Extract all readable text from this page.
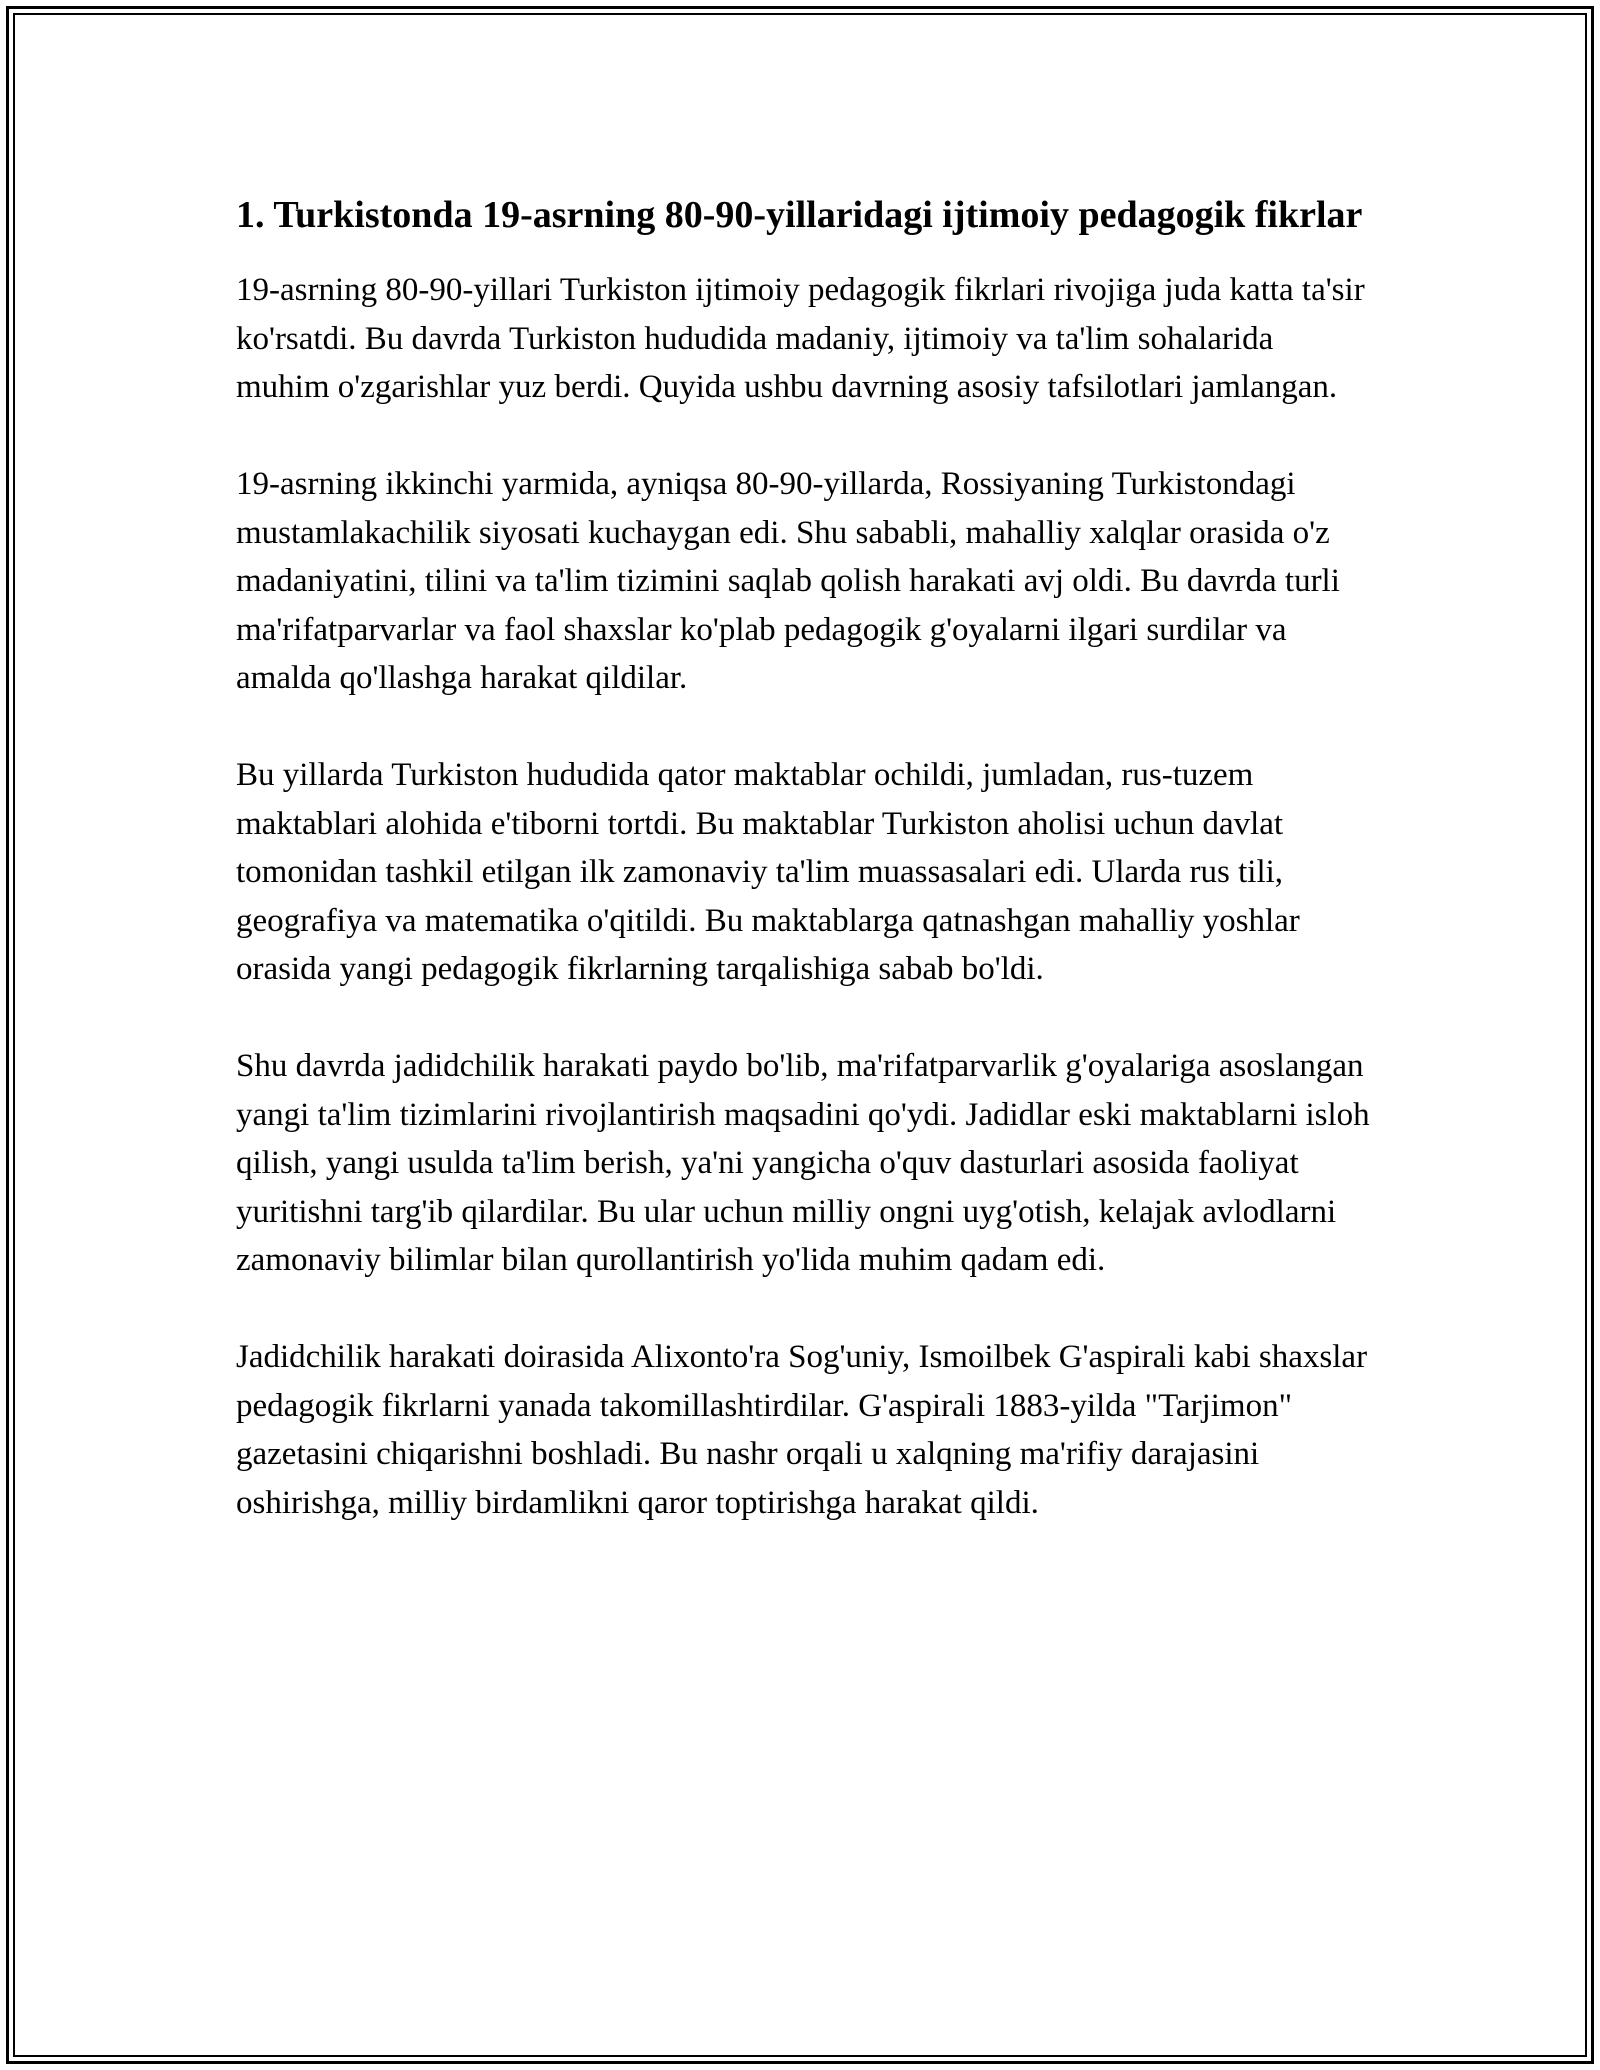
1. Turkistonda 19-asrning 80-90-yillaridagi ijtimoiy pedagogik fikrlar

19-asrning 80-90-yillari Turkiston ijtimoiy pedagogik fikrlari rivojiga juda katta ta'sir ko'rsatdi. Bu davrda Turkiston hududida madaniy, ijtimoiy va ta'lim sohalarida muhim o'zgarishlar yuz berdi. Quyida ushbu davrning asosiy tafsilotlari jamlangan.

19-asrning ikkinchi yarmida, ayniqsa 80-90-yillarda, Rossiyaning Turkistondagi mustamlakachilik siyosati kuchaygan edi. Shu sababli, mahalliy xalqlar orasida o'z madaniyatini, tilini va ta'lim tizimini saqlab qolish harakati avj oldi. Bu davrda turli ma'rifatparvarlar va faol shaxslar ko'plab pedagogik g'oyalarni ilgari surdilar va amalda qo'llashga harakat qildilar.

Bu yillarda Turkiston hududida qator maktablar ochildi, jumladan, rus-tuzem maktablari alohida e'tiborni tortdi. Bu maktablar Turkiston aholisi uchun davlat tomonidan tashkil etilgan ilk zamonaviy ta'lim muassasalari edi. Ularda rus tili, geografiya va matematika o'qitildi. Bu maktablarga qatnashgan mahalliy yoshlar orasida yangi pedagogik fikrlarning tarqalishiga sabab bo'ldi.

Shu davrda jadidchilik harakati paydo bo'lib, ma'rifatparvarlik g'oyalariga asoslangan yangi ta'lim tizimlarini rivojlantirish maqsadini qo'ydi. Jadidlar eski maktablarni isloh qilish, yangi usulda ta'lim berish, ya'ni yangicha o'quv dasturlari asosida faoliyat yuritishni targ'ib qilardilar. Bu ular uchun milliy ongni uyg'otish, kelajak avlodlarni zamonaviy bilimlar bilan qurollantirish yo'lida muhim qadam edi.

Jadidchilik harakati doirasida Alixonto'ra Sog'uniy, Ismoilbek G'aspirali kabi shaxslar pedagogik fikrlarni yanada takomillashtirdilar. G'aspirali 1883-yilda "Tarjimon" gazetasini chiqarishni boshladi. Bu nashr orqali u xalqning ma'rifiy darajasini oshirishga, milliy birdamlikni qaror toptirishga harakat qildi.
